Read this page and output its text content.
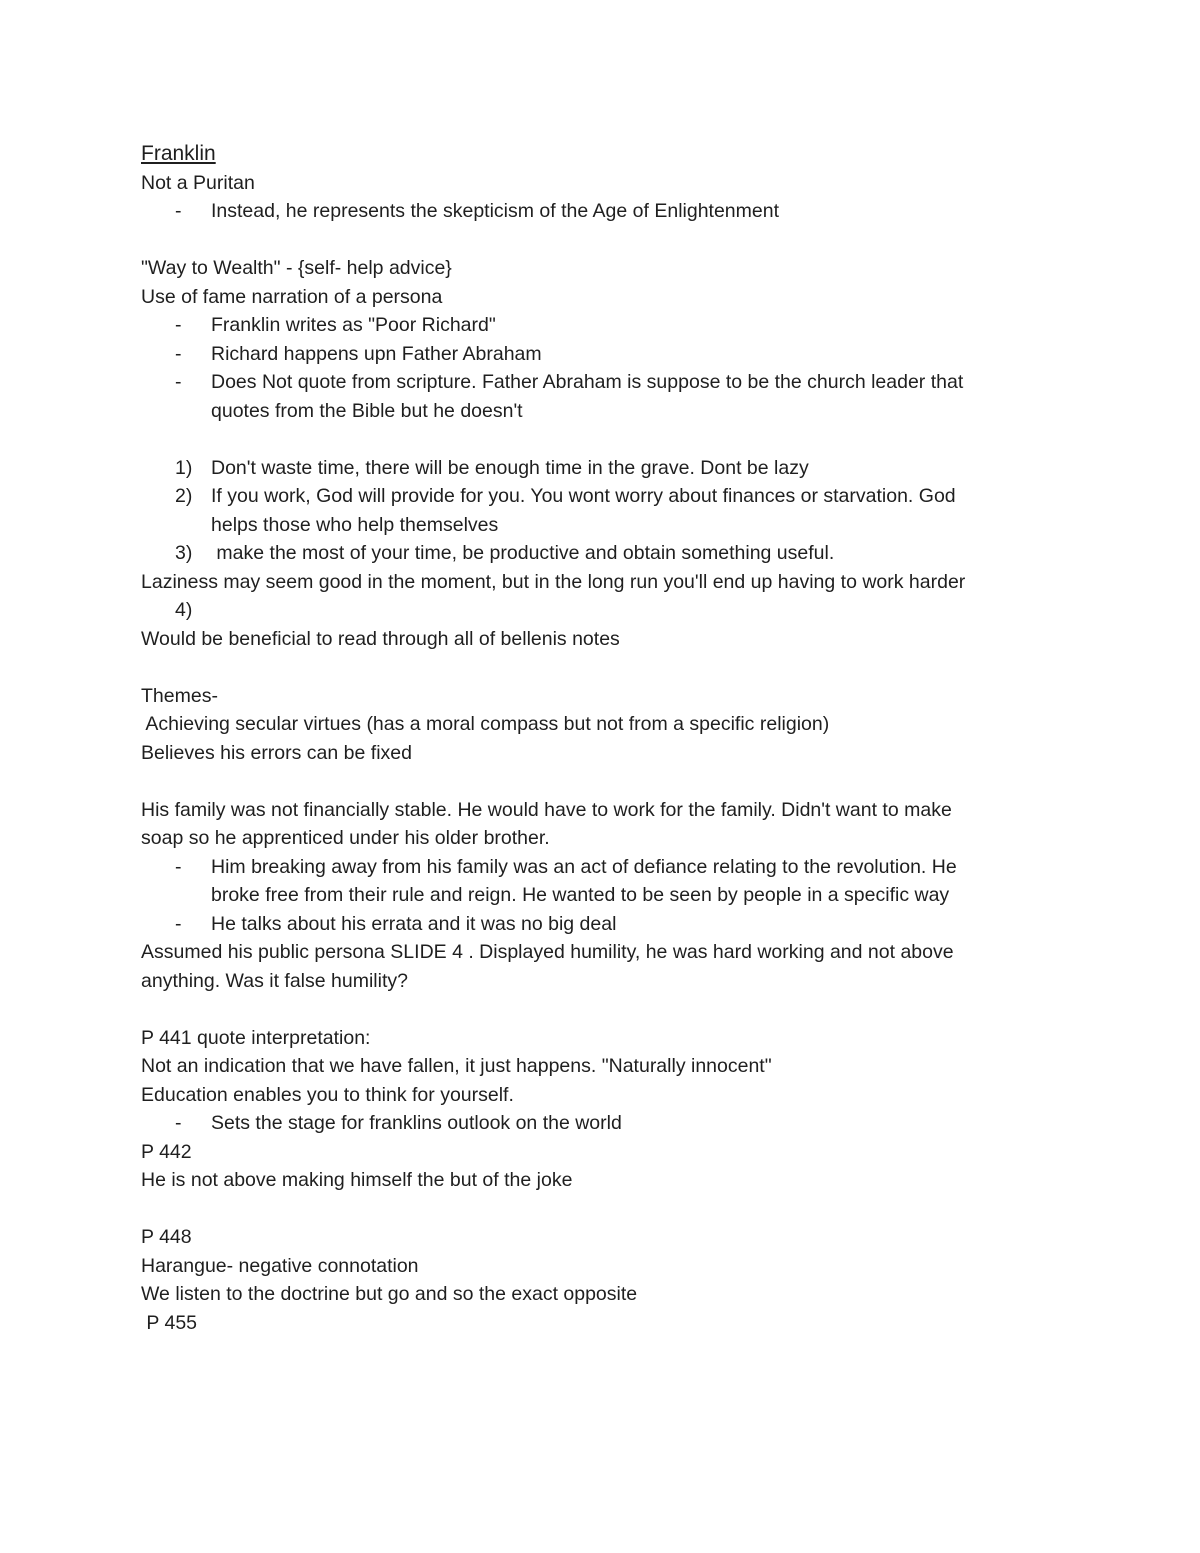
Franklin
Not a Puritan
- Instead, he represents the skepticism of the Age of Enlightenment
"Way to Wealth" - {self- help advice}
Use of fame narration of a persona
- Franklin writes as "Poor Richard"
- Richard happens upn Father Abraham
- Does Not quote from scripture. Father Abraham is suppose to be the church leader that
quotes from the Bible but he doesn't
1) Don't waste time, there will be enough time in the grave. Dont be lazy
2) If you work, God will provide for you. You wont worry about finances or starvation. God
helps those who help themselves
3) make the most of your time, be productive and obtain something useful.
Laziness may seem good in the moment, but in the long run you'll end up having to work harder
4)
Would be beneficial to read through all of bellenis notes
Themes-
Achieving secular virtues (has a moral compass but not from a specific religion)
Believes his errors can be fixed
His family was not financially stable. He would have to work for the family. Didn't want to make
soap so he apprenticed under his older brother.
- Him breaking away from his family was an act of defiance relating to the revolution. He
broke free from their rule and reign. He wanted to be seen by people in a specific way
- He talks about his errata and it was no big deal
Assumed his public persona SLIDE 4 . Displayed humility, he was hard working and not above
anything. Was it false humility?
P 441 quote interpretation:
Not an indication that we have fallen, it just happens. "Naturally innocent"
Education enables you to think for yourself.
- Sets the stage for franklins outlook on the world
P 442
He is not above making himself the but of the joke
P 448
Harangue- negative connotation
We listen to the doctrine but go and so the exact opposite
P 455
